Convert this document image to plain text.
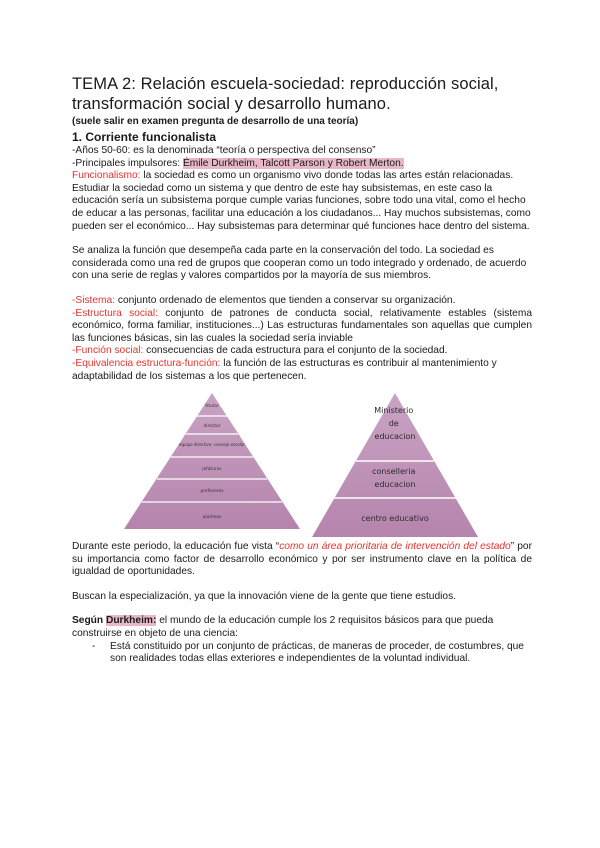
TEMA 2: Relación escuela-sociedad: reproducción social, transformación social y desarrollo humano.
(suele salir en examen pregunta de desarrollo de una teoría)
1. Corriente funcionalista

-Años 50-60: es la denominada “teoría o perspectiva del consenso”

-Principales impulsores: Émile Durkheim, Talcott Parson y Robert Merton.

Funcionalismo: la sociedad es como un organismo vivo donde todas las artes están relacionadas. Estudiar la sociedad como un sistema y que dentro de este hay subsistemas, en este caso la educación sería un subsistema porque cumple varias funciones, sobre todo una vital, como el hecho de educar a las personas, facilitar una educación a los ciudadanos... Hay muchos subsistemas, como pueden ser el económico... Hay subsistemas para determinar qué funciones hace dentro del sistema.

Se analiza la función que desempeña cada parte en la conservación del todo. La sociedad es considerada como una red de grupos que cooperan como un todo integrado y ordenado, de acuerdo con una serie de reglas y valores compartidos por la mayoría de sus miembros.

-Sistema: conjunto ordenado de elementos que tienden a conservar su organización.

-Estructura social: conjunto de patrones de conducta social, relativamente estables (sistema económico, forma familiar, instituciones...) Las estructuras fundamentales son aquellas que cumplen las funciones básicas, sin las cuales la sociedad sería inviable

-Función social: consecuencias de cada estructura para el conjunto de la sociedad.

-Equivalencia estructura-función: la función de las estructuras es contribuir al mantenimiento y adaptabilidad de los sistemas a los que pertenecen.

titular
director
equipo directivo- consejo escolar
jefaturas
profesores
alumnos
Ministerio de educacion
conselleria educacion
centro educativo

Durante este periodo, la educación fue vista “como un área prioritaria de intervención del estado” por su importancia como factor de desarrollo económico y por ser instrumento clave en la política de igualdad de oportunidades.

Buscan la especialización, ya que la innovación viene de la gente que tiene estudios.

Según Durkheim: el mundo de la educación cumple los 2 requisitos básicos para que pueda construirse en objeto de una ciencia:

- Está constituido por un conjunto de prácticas, de maneras de proceder, de costumbres, que son realidades todas ellas exteriores e independientes de la voluntad individual.
